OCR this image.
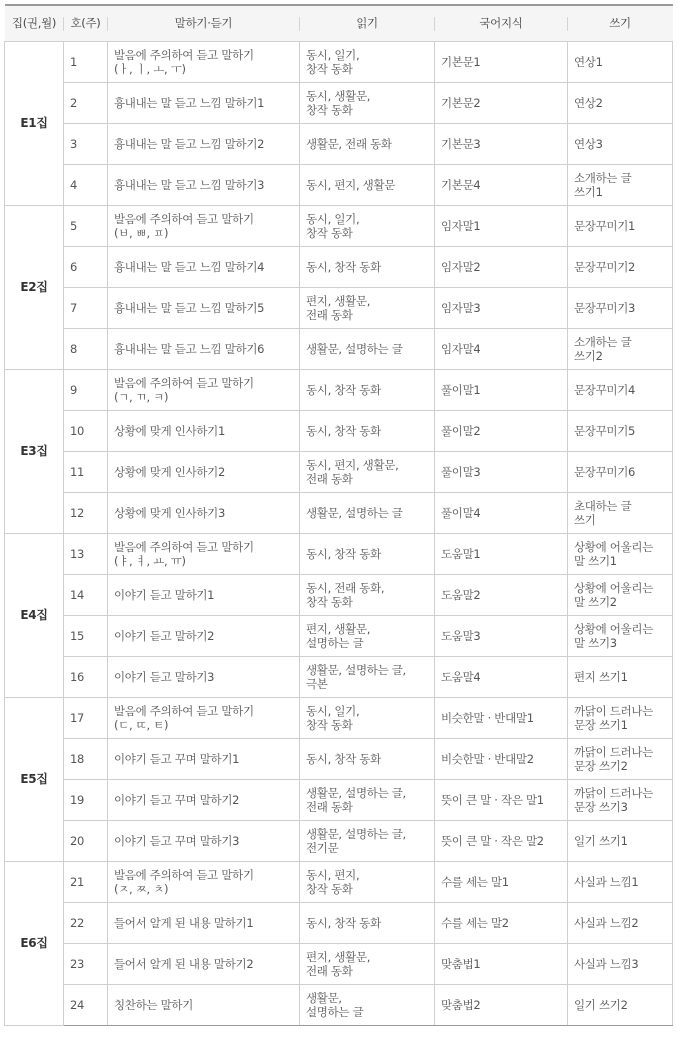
집(권,월)	호(주)	말하기·듣기	읽기	국어지식	쓰기
E1집	1	발음에 주의하여 듣고 말하기
(ㅏ, ㅣ, ㅗ, ㅜ)	동시, 일기,
창작 동화	기본문1	연상1
	2	흉내내는 말 듣고 느낌 말하기1	동시, 생활문,
창작 동화	기본문2	연상2
	3	흉내내는 말 듣고 느낌 말하기2	생활문, 전래 동화	기본문3	연상3
	4	흉내내는 말 듣고 느낌 말하기3	동시, 편지, 생활문	기본문4	소개하는 글
쓰기1
E2집	5	발음에 주의하여 듣고 말하기
(ㅂ, ㅃ, ㅍ)	동시, 일기,
창작 동화	임자말1	문장꾸미기1
	6	흉내내는 말 듣고 느낌 말하기4	동시, 창작 동화	임자말2	문장꾸미기2
	7	흉내내는 말 듣고 느낌 말하기5	편지, 생활문,
전래 동화	임자말3	문장꾸미기3
	8	흉내내는 말 듣고 느낌 말하기6	생활문, 설명하는 글	임자말4	소개하는 글
쓰기2
E3집	9	발음에 주의하여 듣고 말하기
(ㄱ, ㄲ, ㅋ)	동시, 창작 동화	풀이말1	문장꾸미기4
	10	상황에 맞게 인사하기1	동시, 창작 동화	풀이말2	문장꾸미기5
	11	상황에 맞게 인사하기2	동시, 편지, 생활문,
전래 동화	풀이말3	문장꾸미기6
	12	상황에 맞게 인사하기3	생활문, 설명하는 글	풀이말4	초대하는 글
쓰기
E4집	13	발음에 주의하여 듣고 말하기
(ㅑ, ㅕ, ㅛ, ㅠ)	동시, 창작 동화	도움말1	상황에 어울리는
말 쓰기1
	14	이야기 듣고 말하기1	동시, 전래 동화,
창작 동화	도움말2	상황에 어울리는
말 쓰기2
	15	이야기 듣고 말하기2	편지, 생활문,
설명하는 글	도움말3	상황에 어울리는
말 쓰기3
	16	이야기 듣고 말하기3	생활문, 설명하는 글,
극본	도움말4	편지 쓰기1
E5집	17	발음에 주의하여 듣고 말하기
(ㄷ, ㄸ, ㅌ)	동시, 일기,
창작 동화	비슷한말 · 반대말1	까닭이 드러나는
문장 쓰기1
	18	이야기 듣고 꾸며 말하기1	동시, 창작 동화	비슷한말 · 반대말2	까닭이 드러나는
문장 쓰기2
	19	이야기 듣고 꾸며 말하기2	생활문, 설명하는 글,
전래 동화	뜻이 큰 말 · 작은 말1	까닭이 드러나는
문장 쓰기3
	20	이야기 듣고 꾸며 말하기3	생활문, 설명하는 글,
전기문	뜻이 큰 말 · 작은 말2	일기 쓰기1
E6집	21	발음에 주의하여 듣고 말하기
(ㅈ, ㅉ, ㅊ)	동시, 편지,
창작 동화	수를 세는 말1	사실과 느낌1
	22	들어서 알게 된 내용 말하기1	동시, 창작 동화	수를 세는 말2	사실과 느낌2
	23	들어서 알게 된 내용 말하기2	편지, 생활문,
전래 동화	맞춤법1	사실과 느낌3
	24	칭찬하는 말하기	생활문,
설명하는 글	맞춤법2	일기 쓰기2
